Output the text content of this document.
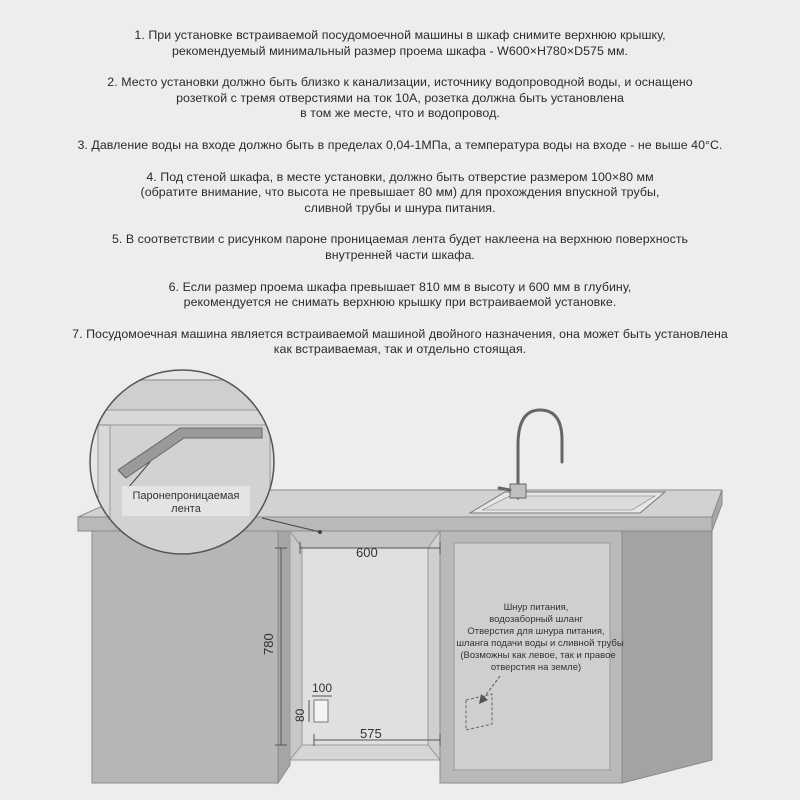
1. При установке встраиваемой посудомоечной машины в шкаф снимите верхнюю крышку,
рекомендуемый минимальный размер проема шкафа - W600×H780×D575 мм.
2. Место установки должно быть близко к канализации, источнику водопроводной воды, и оснащено
розеткой с тремя отверстиями на ток 10A, розетка должна быть установлена
в том же месте, что и водопровод.
3. Давление воды на входе должно быть в пределах 0,04-1МПа, а температура воды на входе - не выше 40°C.
4. Под стеной шкафа, в месте установки, должно быть отверстие размером 100×80 мм
(обратите внимание, что высота не превышает 80 мм) для прохождения впускной трубы,
сливной трубы и шнура питания.
5. В соответствии с рисунком пароне проницаемая лента будет наклеена на верхнюю поверхность
внутренней части шкафа.
6. Если размер проема шкафа превышает 810 мм в высоту и 600 мм в глубину,
рекомендуется не снимать верхнюю крышку при встраиваемой установке.
7. Посудомоечная машина является встраиваемой машиной двойного назначения, она может быть установлена
как встраиваемая, так и отдельно стоящая.
600
780
575
100
80
Паронепроницаемая
лента
Шнур питания,
водозаборный шланг
Отверстия для шнура питания,
шланга подачи воды и сливной трубы
(Возможны как левое, так и правое
отверстия на земле)
